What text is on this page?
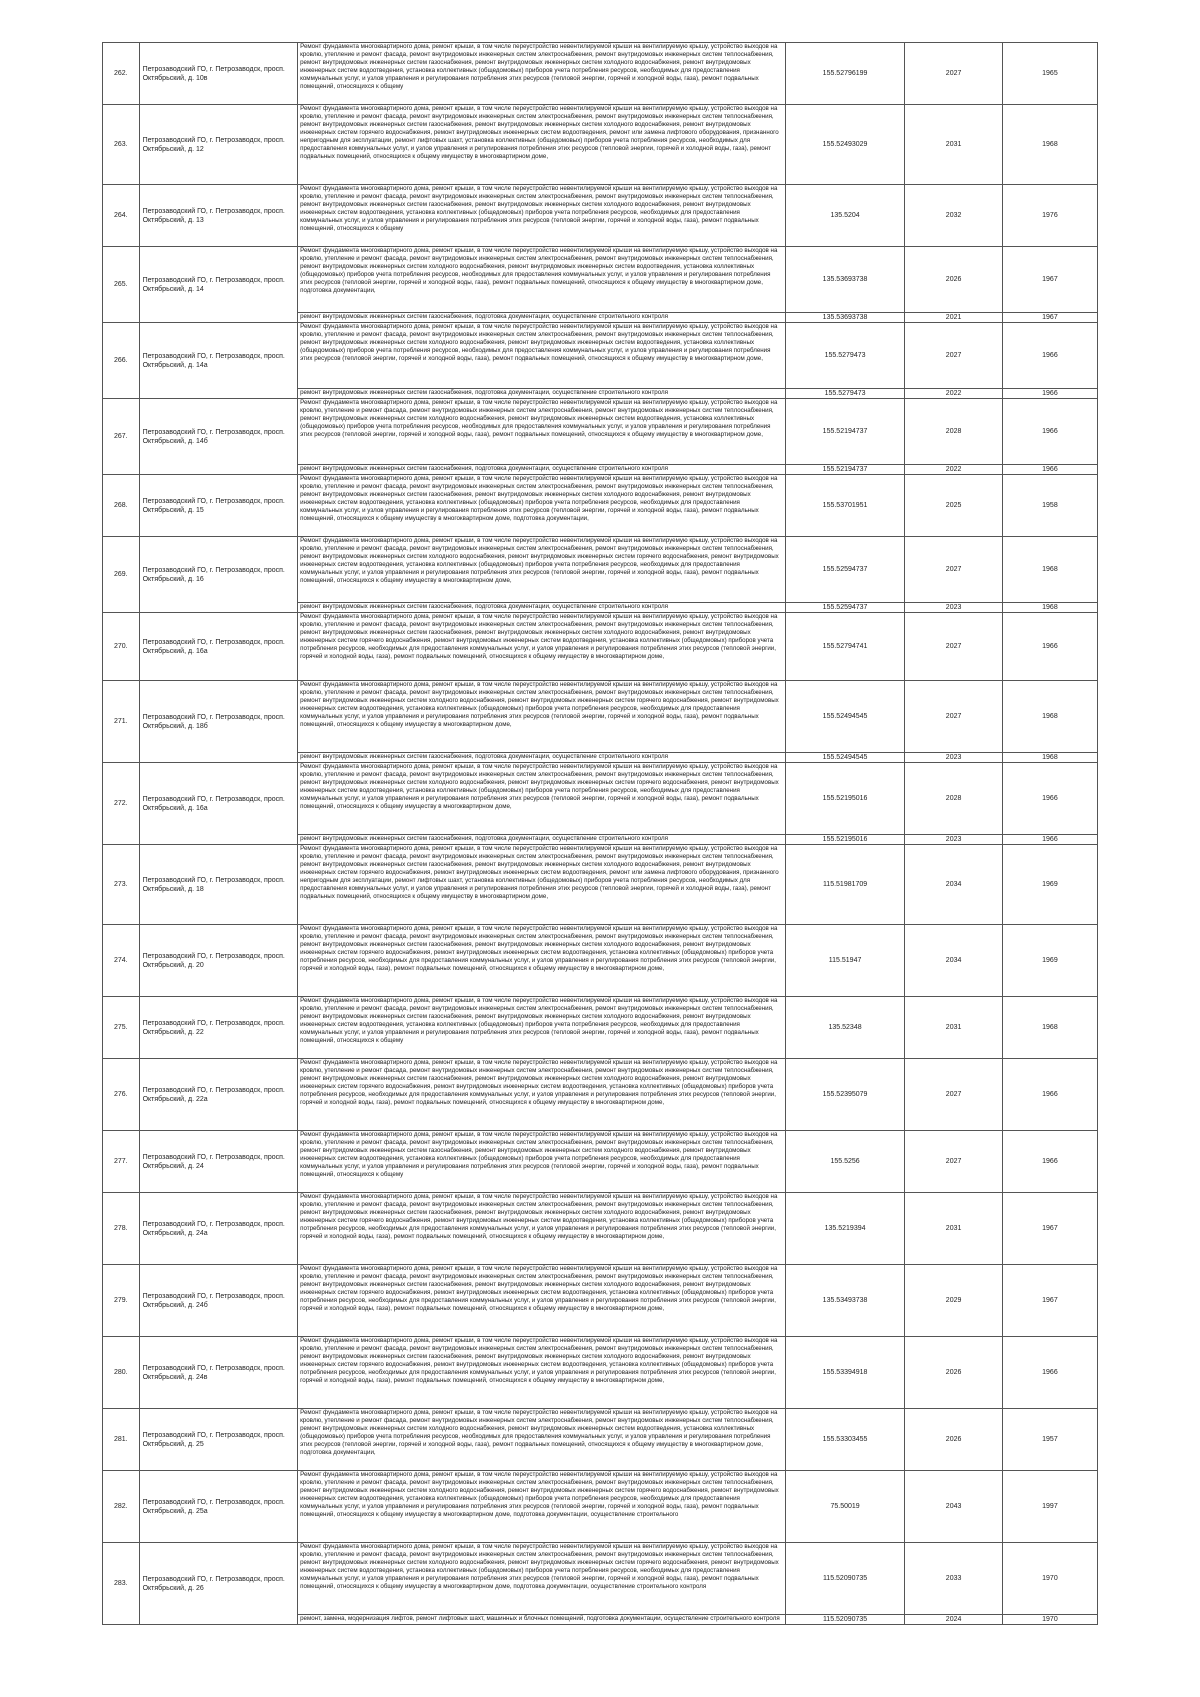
262.	Петрозаводский ГО, г. Петрозаводск, просп. Октябрьский, д. 10в	Ремонт фундамента многоквартирного дома, ремонт крыши, в том числе переустройство невентилируемой крыши на вентилируемую крышу, устройство выходов на кровлю, утепление и ремонт фасада, ремонт внутридомовых инженерных систем электроснабжения, ремонт внутридомовых инженерных систем теплоснабжения, ремонт внутридомовых инженерных систем газоснабжения, ремонт внутридомовых инженерных систем холодного водоснабжения, ремонт внутридомовых инженерных систем водоотведения, установка коллективных (общедомовых) приборов учета потребления ресурсов, необходимых для предоставления коммунальных услуг, и узлов управления и регулирования потребления этих ресурсов (тепловой энергии, горячей и холодной воды, газа), ремонт подвальных помещений, относящихся к общему	155.52796199	2027	1965
263.	Петрозаводский ГО, г. Петрозаводск, просп. Октябрьский, д. 12	Ремонт фундамента многоквартирного дома, ремонт крыши, в том числе переустройство невентилируемой крыши на вентилируемую крышу, устройство выходов на кровлю, утепление и ремонт фасада, ремонт внутридомовых инженерных систем электроснабжения, ремонт внутридомовых инженерных систем теплоснабжения, ремонт внутридомовых инженерных систем газоснабжения, ремонт внутридомовых инженерных систем холодного водоснабжения, ремонт внутридомовых инженерных систем горячего водоснабжения, ремонт внутридомовых инженерных систем водоотведения, ремонт или замена лифтового оборудования, признанного непригодным для эксплуатации, ремонт лифтовых шахт, установка коллективных (общедомовых) приборов учета потребления ресурсов, необходимых для предоставления коммунальных услуг, и узлов управления и регулирования потребления этих ресурсов (тепловой энергии, горячей и холодной воды, газа), ремонт подвальных помещений, относящихся к общему имуществу в многоквартирном доме,	155.52493029	2031	1968
264.	Петрозаводский ГО, г. Петрозаводск, просп. Октябрьский, д. 13	Ремонт фундамента многоквартирного дома, ремонт крыши, в том числе переустройство невентилируемой крыши на вентилируемую крышу, устройство выходов на кровлю, утепление и ремонт фасада, ремонт внутридомовых инженерных систем электроснабжения, ремонт внутридомовых инженерных систем теплоснабжения, ремонт внутридомовых инженерных систем газоснабжения, ремонт внутридомовых инженерных систем холодного водоснабжения, ремонт внутридомовых инженерных систем водоотведения, установка коллективных (общедомовых) приборов учета потребления ресурсов, необходимых для предоставления коммунальных услуг, и узлов управления и регулирования потребления этих ресурсов (тепловой энергии, горячей и холодной воды, газа), ремонт подвальных помещений, относящихся к общему	135.5204	2032	1976
265.	Петрозаводский ГО, г. Петрозаводск, просп. Октябрьский, д. 14	Ремонт фундамента многоквартирного дома, ремонт крыши, в том числе переустройство невентилируемой крыши на вентилируемую крышу, устройство выходов на кровлю, утепление и ремонт фасада, ремонт внутридомовых инженерных систем электроснабжения, ремонт внутридомовых инженерных систем теплоснабжения, ремонт внутридомовых инженерных систем холодного водоснабжения, ремонт внутридомовых инженерных систем водоотведения, установка коллективных (общедомовых) приборов учета потребления ресурсов, необходимых для предоставления коммунальных услуг, и узлов управления и регулирования потребления этих ресурсов (тепловой энергии, горячей и холодной воды, газа), ремонт подвальных помещений, относящихся к общему имуществу в многоквартирном доме, подготовка документации,	135.53693738	2026	1967

		ремонт внутридомовых инженерных систем газоснабжения, подготовка документации, осуществление строительного контроля	135.53693738	2021	1967
266.	Петрозаводский ГО, г. Петрозаводск, просп. Октябрьский, д. 14а	Ремонт фундамента многоквартирного дома, ремонт крыши, в том числе переустройство невентилируемой крыши на вентилируемую крышу, устройство выходов на кровлю, утепление и ремонт фасада, ремонт внутридомовых инженерных систем электроснабжения, ремонт внутридомовых инженерных систем теплоснабжения, ремонт внутридомовых инженерных систем холодного водоснабжения, ремонт внутридомовых инженерных систем водоотведения, установка коллективных (общедомовых) приборов учета потребления ресурсов, необходимых для предоставления коммунальных услуг, и узлов управления и регулирования потребления этих ресурсов (тепловой энергии, горячей и холодной воды, газа), ремонт подвальных помещений, относящихся к общему имуществу в многоквартирном доме,	155.5279473	2027	1966

		ремонт внутридомовых инженерных систем газоснабжения, подготовка документации, осуществление строительного контроля	155.5279473	2022	1966
267.	Петрозаводский ГО, г. Петрозаводск, просп. Октябрьский, д. 14б	Ремонт фундамента многоквартирного дома, ремонт крыши, в том числе переустройство невентилируемой крыши на вентилируемую крышу, устройство выходов на кровлю, утепление и ремонт фасада, ремонт внутридомовых инженерных систем электроснабжения, ремонт внутридомовых инженерных систем теплоснабжения, ремонт внутридомовых инженерных систем холодного водоснабжения, ремонт внутридомовых инженерных систем водоотведения, установка коллективных (общедомовых) приборов учета потребления ресурсов, необходимых для предоставления коммунальных услуг, и узлов управления и регулирования потребления этих ресурсов (тепловой энергии, горячей и холодной воды, газа), ремонт подвальных помещений, относящихся к общему имуществу в многоквартирном доме,	155.52194737	2028	1966

		ремонт внутридомовых инженерных систем газоснабжения, подготовка документации, осуществление строительного контроля	155.52194737	2022	1966
268.	Петрозаводский ГО, г. Петрозаводск, просп. Октябрьский, д. 15	Ремонт фундамента многоквартирного дома, ремонт крыши, в том числе переустройство невентилируемой крыши на вентилируемую крышу, устройство выходов на кровлю, утепление и ремонт фасада, ремонт внутридомовых инженерных систем электроснабжения, ремонт внутридомовых инженерных систем теплоснабжения, ремонт внутридомовых инженерных систем газоснабжения, ремонт внутридомовых инженерных систем холодного водоснабжения, ремонт внутридомовых инженерных систем водоотведения, установка коллективных (общедомовых) приборов учета потребления ресурсов, необходимых для предоставления коммунальных услуг, и узлов управления и регулирования потребления этих ресурсов (тепловой энергии, горячей и холодной воды, газа), ремонт подвальных помещений, относящихся к общему имуществу в многоквартирном доме, подготовка документации,	155.53701951	2025	1958
269.	Петрозаводский ГО, г. Петрозаводск, просп. Октябрьский, д. 16	Ремонт фундамента многоквартирного дома, ремонт крыши, в том числе переустройство невентилируемой крыши на вентилируемую крышу, устройство выходов на кровлю, утепление и ремонт фасада, ремонт внутридомовых инженерных систем электроснабжения, ремонт внутридомовых инженерных систем теплоснабжения, ремонт внутридомовых инженерных систем холодного водоснабжения, ремонт внутридомовых инженерных систем горячего водоснабжения, ремонт внутридомовых инженерных систем водоотведения, установка коллективных (общедомовых) приборов учета потребления ресурсов, необходимых для предоставления коммунальных услуг, и узлов управления и регулирования потребления этих ресурсов (тепловой энергии, горячей и холодной воды, газа), ремонт подвальных помещений, относящихся к общему имуществу в многоквартирном доме,	155.52594737	2027	1968

		ремонт внутридомовых инженерных систем газоснабжения, подготовка документации, осуществление строительного контроля	155.52594737	2023	1968
270.	Петрозаводский ГО, г. Петрозаводск, просп. Октябрьский, д. 16а	Ремонт фундамента многоквартирного дома, ремонт крыши, в том числе переустройство невентилируемой крыши на вентилируемую крышу, устройство выходов на кровлю, утепление и ремонт фасада, ремонт внутридомовых инженерных систем электроснабжения, ремонт внутридомовых инженерных систем теплоснабжения, ремонт внутридомовых инженерных систем газоснабжения, ремонт внутридомовых инженерных систем холодного водоснабжения, ремонт внутридомовых инженерных систем горячего водоснабжения, ремонт внутридомовых инженерных систем водоотведения, установка коллективных (общедомовых) приборов учета потребления ресурсов, необходимых для предоставления коммунальных услуг, и узлов управления и регулирования потребления этих ресурсов (тепловой энергии, горячей и холодной воды, газа), ремонт подвальных помещений, относящихся к общему имуществу в многоквартирном доме,	155.52794741	2027	1966
271.	Петрозаводский ГО, г. Петрозаводск, просп. Октябрьский, д. 18б	Ремонт фундамента многоквартирного дома, ремонт крыши, в том числе переустройство невентилируемой крыши на вентилируемую крышу, устройство выходов на кровлю, утепление и ремонт фасада, ремонт внутридомовых инженерных систем электроснабжения, ремонт внутридомовых инженерных систем теплоснабжения, ремонт внутридомовых инженерных систем холодного водоснабжения, ремонт внутридомовых инженерных систем горячего водоснабжения, ремонт внутридомовых инженерных систем водоотведения, установка коллективных (общедомовых) приборов учета потребления ресурсов, необходимых для предоставления коммунальных услуг, и узлов управления и регулирования потребления этих ресурсов (тепловой энергии, горячей и холодной воды, газа), ремонт подвальных помещений, относящихся к общему имуществу в многоквартирном доме,	155.52494545	2027	1968

		ремонт внутридомовых инженерных систем газоснабжения, подготовка документации, осуществление строительного контроля	155.52494545	2023	1968
272.	Петрозаводский ГО, г. Петрозаводск, просп. Октябрьский, д. 16а	Ремонт фундамента многоквартирного дома, ремонт крыши, в том числе переустройство невентилируемой крыши на вентилируемую крышу, устройство выходов на кровлю, утепление и ремонт фасада, ремонт внутридомовых инженерных систем электроснабжения, ремонт внутридомовых инженерных систем теплоснабжения, ремонт внутридомовых инженерных систем холодного водоснабжения, ремонт внутридомовых инженерных систем горячего водоснабжения, ремонт внутридомовых инженерных систем водоотведения, установка коллективных (общедомовых) приборов учета потребления ресурсов, необходимых для предоставления коммунальных услуг, и узлов управления и регулирования потребления этих ресурсов (тепловой энергии, горячей и холодной воды, газа), ремонт подвальных помещений, относящихся к общему имуществу в многоквартирном доме,	155.52195016	2028	1966

		ремонт внутридомовых инженерных систем газоснабжения, подготовка документации, осуществление строительного контроля	155.52195016	2023	1966
273.	Петрозаводский ГО, г. Петрозаводск, просп. Октябрьский, д. 18	Ремонт фундамента многоквартирного дома, ремонт крыши, в том числе переустройство невентилируемой крыши на вентилируемую крышу, устройство выходов на кровлю, утепление и ремонт фасада, ремонт внутридомовых инженерных систем электроснабжения, ремонт внутридомовых инженерных систем теплоснабжения, ремонт внутридомовых инженерных систем газоснабжения, ремонт внутридомовых инженерных систем холодного водоснабжения, ремонт внутридомовых инженерных систем горячего водоснабжения, ремонт внутридомовых инженерных систем водоотведения, ремонт или замена лифтового оборудования, признанного непригодным для эксплуатации, ремонт лифтовых шахт, установка коллективных (общедомовых) приборов учета потребления ресурсов, необходимых для предоставления коммунальных услуг, и узлов управления и регулирования потребления этих ресурсов (тепловой энергии, горячей и холодной воды, газа), ремонт подвальных помещений, относящихся к общему имуществу в многоквартирном доме,	115.51981709	2034	1969
274.	Петрозаводский ГО, г. Петрозаводск, просп. Октябрьский, д. 20	Ремонт фундамента многоквартирного дома, ремонт крыши, в том числе переустройство невентилируемой крыши на вентилируемую крышу, устройство выходов на кровлю, утепление и ремонт фасада, ремонт внутридомовых инженерных систем электроснабжения, ремонт внутридомовых инженерных систем теплоснабжения, ремонт внутридомовых инженерных систем газоснабжения, ремонт внутридомовых инженерных систем холодного водоснабжения, ремонт внутридомовых инженерных систем горячего водоснабжения, ремонт внутридомовых инженерных систем водоотведения, установка коллективных (общедомовых) приборов учета потребления ресурсов, необходимых для предоставления коммунальных услуг, и узлов управления и регулирования потребления этих ресурсов (тепловой энергии, горячей и холодной воды, газа), ремонт подвальных помещений, относящихся к общему имуществу в многоквартирном доме,	115.51947	2034	1969
275.	Петрозаводский ГО, г. Петрозаводск, просп. Октябрьский, д. 22	Ремонт фундамента многоквартирного дома, ремонт крыши, в том числе переустройство невентилируемой крыши на вентилируемую крышу, устройство выходов на кровлю, утепление и ремонт фасада, ремонт внутридомовых инженерных систем электроснабжения, ремонт внутридомовых инженерных систем теплоснабжения, ремонт внутридомовых инженерных систем газоснабжения, ремонт внутридомовых инженерных систем холодного водоснабжения, ремонт внутридомовых инженерных систем водоотведения, установка коллективных (общедомовых) приборов учета потребления ресурсов, необходимых для предоставления коммунальных услуг, и узлов управления и регулирования потребления этих ресурсов (тепловой энергии, горячей и холодной воды, газа), ремонт подвальных помещений, относящихся к общему	135.52348	2031	1968
276.	Петрозаводский ГО, г. Петрозаводск, просп. Октябрьский, д. 22а	Ремонт фундамента многоквартирного дома, ремонт крыши, в том числе переустройство невентилируемой крыши на вентилируемую крышу, устройство выходов на кровлю, утепление и ремонт фасада, ремонт внутридомовых инженерных систем электроснабжения, ремонт внутридомовых инженерных систем теплоснабжения, ремонт внутридомовых инженерных систем газоснабжения, ремонт внутридомовых инженерных систем холодного водоснабжения, ремонт внутридомовых инженерных систем горячего водоснабжения, ремонт внутридомовых инженерных систем водоотведения, установка коллективных (общедомовых) приборов учета потребления ресурсов, необходимых для предоставления коммунальных услуг, и узлов управления и регулирования потребления этих ресурсов (тепловой энергии, горячей и холодной воды, газа), ремонт подвальных помещений, относящихся к общему имуществу в многоквартирном доме,	155.52395079	2027	1966
277.	Петрозаводский ГО, г. Петрозаводск, просп. Октябрьский, д. 24	Ремонт фундамента многоквартирного дома, ремонт крыши, в том числе переустройство невентилируемой крыши на вентилируемую крышу, устройство выходов на кровлю, утепление и ремонт фасада, ремонт внутридомовых инженерных систем электроснабжения, ремонт внутридомовых инженерных систем теплоснабжения, ремонт внутридомовых инженерных систем газоснабжения, ремонт внутридомовых инженерных систем холодного водоснабжения, ремонт внутридомовых инженерных систем водоотведения, установка коллективных (общедомовых) приборов учета потребления ресурсов, необходимых для предоставления коммунальных услуг, и узлов управления и регулирования потребления этих ресурсов (тепловой энергии, горячей и холодной воды, газа), ремонт подвальных помещений, относящихся к общему	155.5256	2027	1966
278.	Петрозаводский ГО, г. Петрозаводск, просп. Октябрьский, д. 24а	Ремонт фундамента многоквартирного дома, ремонт крыши, в том числе переустройство невентилируемой крыши на вентилируемую крышу, устройство выходов на кровлю, утепление и ремонт фасада, ремонт внутридомовых инженерных систем электроснабжения, ремонт внутридомовых инженерных систем теплоснабжения, ремонт внутридомовых инженерных систем газоснабжения, ремонт внутридомовых инженерных систем холодного водоснабжения, ремонт внутридомовых инженерных систем горячего водоснабжения, ремонт внутридомовых инженерных систем водоотведения, установка коллективных (общедомовых) приборов учета потребления ресурсов, необходимых для предоставления коммунальных услуг, и узлов управления и регулирования потребления этих ресурсов (тепловой энергии, горячей и холодной воды, газа), ремонт подвальных помещений, относящихся к общему имуществу в многоквартирном доме,	135.5219394	2031	1967
279.	Петрозаводский ГО, г. Петрозаводск, просп. Октябрьский, д. 24б	Ремонт фундамента многоквартирного дома, ремонт крыши, в том числе переустройство невентилируемой крыши на вентилируемую крышу, устройство выходов на кровлю, утепление и ремонт фасада, ремонт внутридомовых инженерных систем электроснабжения, ремонт внутридомовых инженерных систем теплоснабжения, ремонт внутридомовых инженерных систем газоснабжения, ремонт внутридомовых инженерных систем холодного водоснабжения, ремонт внутридомовых инженерных систем горячего водоснабжения, ремонт внутридомовых инженерных систем водоотведения, установка коллективных (общедомовых) приборов учета потребления ресурсов, необходимых для предоставления коммунальных услуг, и узлов управления и регулирования потребления этих ресурсов (тепловой энергии, горячей и холодной воды, газа), ремонт подвальных помещений, относящихся к общему имуществу в многоквартирном доме,	135.53493738	2029	1967
280.	Петрозаводский ГО, г. Петрозаводск, просп. Октябрьский, д. 24в	Ремонт фундамента многоквартирного дома, ремонт крыши, в том числе переустройство невентилируемой крыши на вентилируемую крышу, устройство выходов на кровлю, утепление и ремонт фасада, ремонт внутридомовых инженерных систем электроснабжения, ремонт внутридомовых инженерных систем теплоснабжения, ремонт внутридомовых инженерных систем газоснабжения, ремонт внутридомовых инженерных систем холодного водоснабжения, ремонт внутридомовых инженерных систем горячего водоснабжения, ремонт внутридомовых инженерных систем водоотведения, установка коллективных (общедомовых) приборов учета потребления ресурсов, необходимых для предоставления коммунальных услуг, и узлов управления и регулирования потребления этих ресурсов (тепловой энергии, горячей и холодной воды, газа), ремонт подвальных помещений, относящихся к общему имуществу в многоквартирном доме,	155.53394918	2026	1966
281.	Петрозаводский ГО, г. Петрозаводск, просп. Октябрьский, д. 25	Ремонт фундамента многоквартирного дома, ремонт крыши, в том числе переустройство невентилируемой крыши на вентилируемую крышу, устройство выходов на кровлю, утепление и ремонт фасада, ремонт внутридомовых инженерных систем электроснабжения, ремонт внутридомовых инженерных систем теплоснабжения, ремонт внутридомовых инженерных систем холодного водоснабжения, ремонт внутридомовых инженерных систем водоотведения, установка коллективных (общедомовых) приборов учета потребления ресурсов, необходимых для предоставления коммунальных услуг, и узлов управления и регулирования потребления этих ресурсов (тепловой энергии, горячей и холодной воды, газа), ремонт подвальных помещений, относящихся к общему имуществу в многоквартирном доме, подготовка документации,	155.53303455	2026	1957
282.	Петрозаводский ГО, г. Петрозаводск, просп. Октябрьский, д. 25а	Ремонт фундамента многоквартирного дома, ремонт крыши, в том числе переустройство невентилируемой крыши на вентилируемую крышу, устройство выходов на кровлю, утепление и ремонт фасада, ремонт внутридомовых инженерных систем электроснабжения, ремонт внутридомовых инженерных систем теплоснабжения, ремонт внутридомовых инженерных систем холодного водоснабжения, ремонт внутридомовых инженерных систем горячего водоснабжения, ремонт внутридомовых инженерных систем водоотведения, установка коллективных (общедомовых) приборов учета потребления ресурсов, необходимых для предоставления коммунальных услуг, и узлов управления и регулирования потребления этих ресурсов (тепловой энергии, горячей и холодной воды, газа), ремонт подвальных помещений, относящихся к общему имуществу в многоквартирном доме, подготовка документации, осуществление строительного	75.50019	2043	1997
283.	Петрозаводский ГО, г. Петрозаводск, просп. Октябрьский, д. 26	Ремонт фундамента многоквартирного дома, ремонт крыши, в том числе переустройство невентилируемой крыши на вентилируемую крышу, устройство выходов на кровлю, утепление и ремонт фасада, ремонт внутридомовых инженерных систем электроснабжения, ремонт внутридомовых инженерных систем теплоснабжения, ремонт внутридомовых инженерных систем холодного водоснабжения, ремонт внутридомовых инженерных систем горячего водоснабжения, ремонт внутридомовых инженерных систем водоотведения, установка коллективных (общедомовых) приборов учета потребления ресурсов, необходимых для предоставления коммунальных услуг, и узлов управления и регулирования потребления этих ресурсов (тепловой энергии, горячей и холодной воды, газа), ремонт подвальных помещений, относящихся к общему имуществу в многоквартирном доме, подготовка документации, осуществление строительного контроля	115.52090735	2033	1970

		ремонт, замена, модернизация лифтов, ремонт лифтовых шахт, машинных и блочных помещений, подготовка документации, осуществление строительного контроля	115.52090735	2024	1970
